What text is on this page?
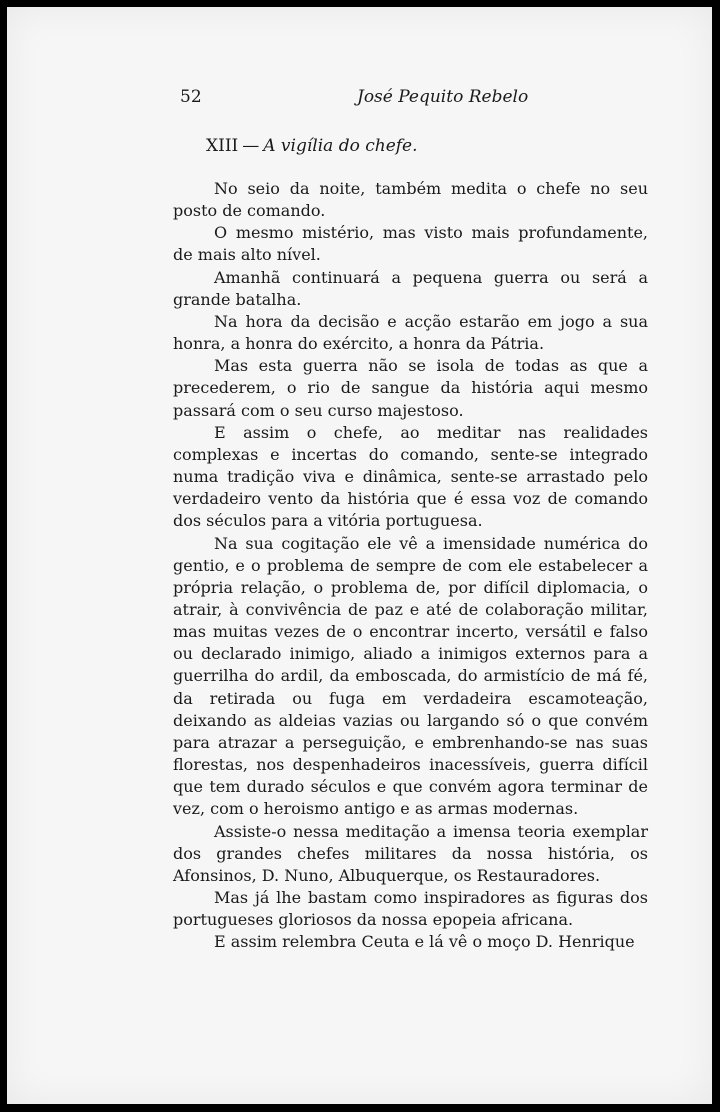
52	José Pequito Rebelo
XIII — A vigília do chefe.

No seio da noite, também medita o chefe no seu posto de comando.

O mesmo mistério, mas visto mais profundamente, de mais alto nível.

Amanhã continuará a pequena guerra ou será a grande batalha.

Na hora da decisão e acção estarão em jogo a sua honra, a honra do exército, a honra da Pátria.

Mas esta guerra não se isola de todas as que a precederem, o rio de sangue da história aqui mesmo passará com o seu curso majestoso.

E assim o chefe, ao meditar nas realidades complexas e incertas do comando, sente-se integrado numa tradição viva e dinâmica, sente-se arrastado pelo verdadeiro vento da história que é essa voz de comando dos séculos para a vitória portuguesa.

Na sua cogitação ele vê a imensidade numérica do gentio, e o problema de sempre de com ele estabelecer a própria relação, o problema de, por difícil diplomacia, o atrair, à convivência de paz e até de colaboração militar, mas muitas vezes de o encontrar incerto, versátil e falso ou declarado inimigo, aliado a inimigos externos para a guerrilha do ardil, da emboscada, do armistício de má fé, da retirada ou fuga em verdadeira escamoteação, deixando as aldeias vazias ou largando só o que convém para atrazar a perseguição, e embrenhando-se nas suas florestas, nos despenhadeiros inacessíveis, guerra difícil que tem durado séculos e que convém agora terminar de vez, com o heroismo antigo e as armas modernas.

Assiste-o nessa meditação a imensa teoria exemplar dos grandes chefes militares da nossa história, os Afonsinos, D. Nuno, Albuquerque, os Restauradores.

Mas já lhe bastam como inspiradores as figuras dos portugueses gloriosos da nossa epopeia africana.

E assim relembra Ceuta e lá vê o moço D. Henrique
